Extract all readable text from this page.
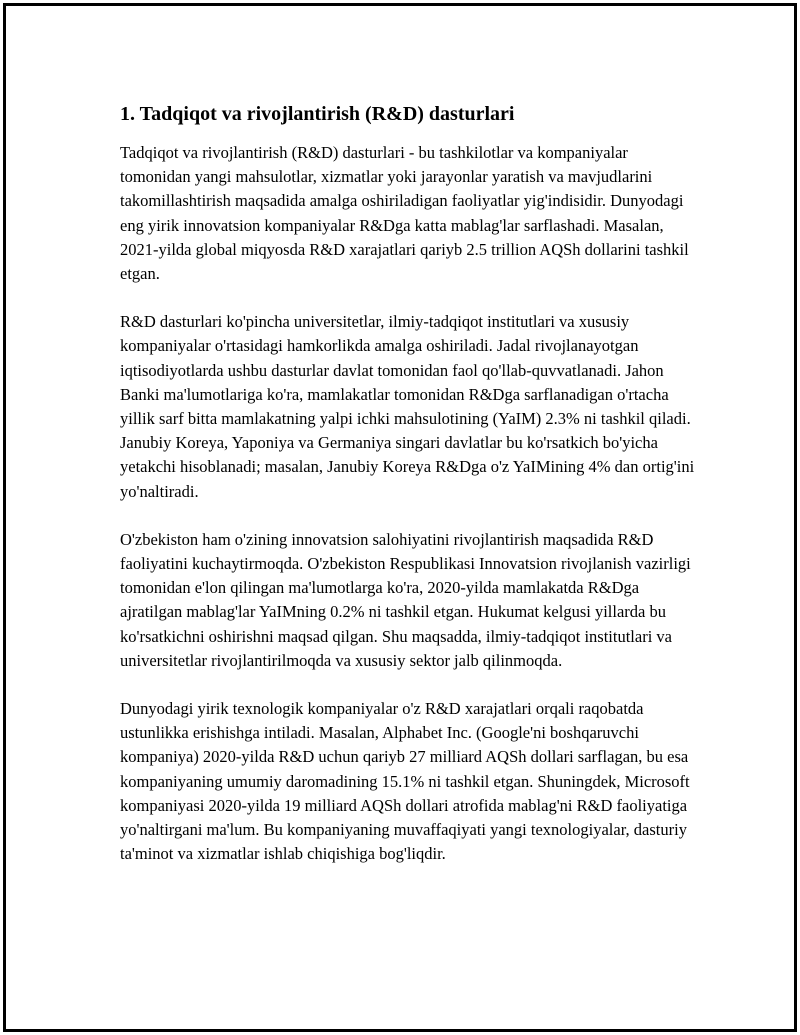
1. Tadqiqot va rivojlantirish (R&D) dasturlari

Tadqiqot va rivojlantirish (R&D) dasturlari - bu tashkilotlar va kompaniyalar tomonidan yangi mahsulotlar, xizmatlar yoki jarayonlar yaratish va mavjudlarini takomillashtirish maqsadida amalga oshiriladigan faoliyatlar yig'indisidir. Dunyodagi eng yirik innovatsion kompaniyalar R&Dga katta mablag'lar sarflashadi. Masalan, 2021-yilda global miqyosda R&D xarajatlari qariyb 2.5 trillion AQSh dollarini tashkil etgan.

R&D dasturlari ko'pincha universitetlar, ilmiy-tadqiqot institutlari va xususiy kompaniyalar o'rtasidagi hamkorlikda amalga oshiriladi. Jadal rivojlanayotgan iqtisodiyotlarda ushbu dasturlar davlat tomonidan faol qo'llab-quvvatlanadi. Jahon Banki ma'lumotlariga ko'ra, mamlakatlar tomonidan R&Dga sarflanadigan o'rtacha yillik sarf bitta mamlakatning yalpi ichki mahsulotining (YaIM) 2.3% ni tashkil qiladi. Janubiy Koreya, Yaponiya va Germaniya singari davlatlar bu ko'rsatkich bo'yicha yetakchi hisoblanadi; masalan, Janubiy Koreya R&Dga o'z YaIMining 4% dan ortig'ini yo'naltiradi.

O'zbekiston ham o'zining innovatsion salohiyatini rivojlantirish maqsadida R&D faoliyatini kuchaytirmoqda. O'zbekiston Respublikasi Innovatsion rivojlanish vazirligi tomonidan e'lon qilingan ma'lumotlarga ko'ra, 2020-yilda mamlakatda R&Dga ajratilgan mablag'lar YaIMning 0.2% ni tashkil etgan. Hukumat kelgusi yillarda bu ko'rsatkichni oshirishni maqsad qilgan. Shu maqsadda, ilmiy-tadqiqot institutlari va universitetlar rivojlantirilmoqda va xususiy sektor jalb qilinmoqda.

Dunyodagi yirik texnologik kompaniyalar o'z R&D xarajatlari orqali raqobatda ustunlikka erishishga intiladi. Masalan, Alphabet Inc. (Google'ni boshqaruvchi kompaniya) 2020-yilda R&D uchun qariyb 27 milliard AQSh dollari sarflagan, bu esa kompaniyaning umumiy daromadining 15.1% ni tashkil etgan. Shuningdek, Microsoft kompaniyasi 2020-yilda 19 milliard AQSh dollari atrofida mablag'ni R&D faoliyatiga yo'naltirgani ma'lum. Bu kompaniyaning muvaffaqiyati yangi texnologiyalar, dasturiy ta'minot va xizmatlar ishlab chiqishiga bog'liqdir.
